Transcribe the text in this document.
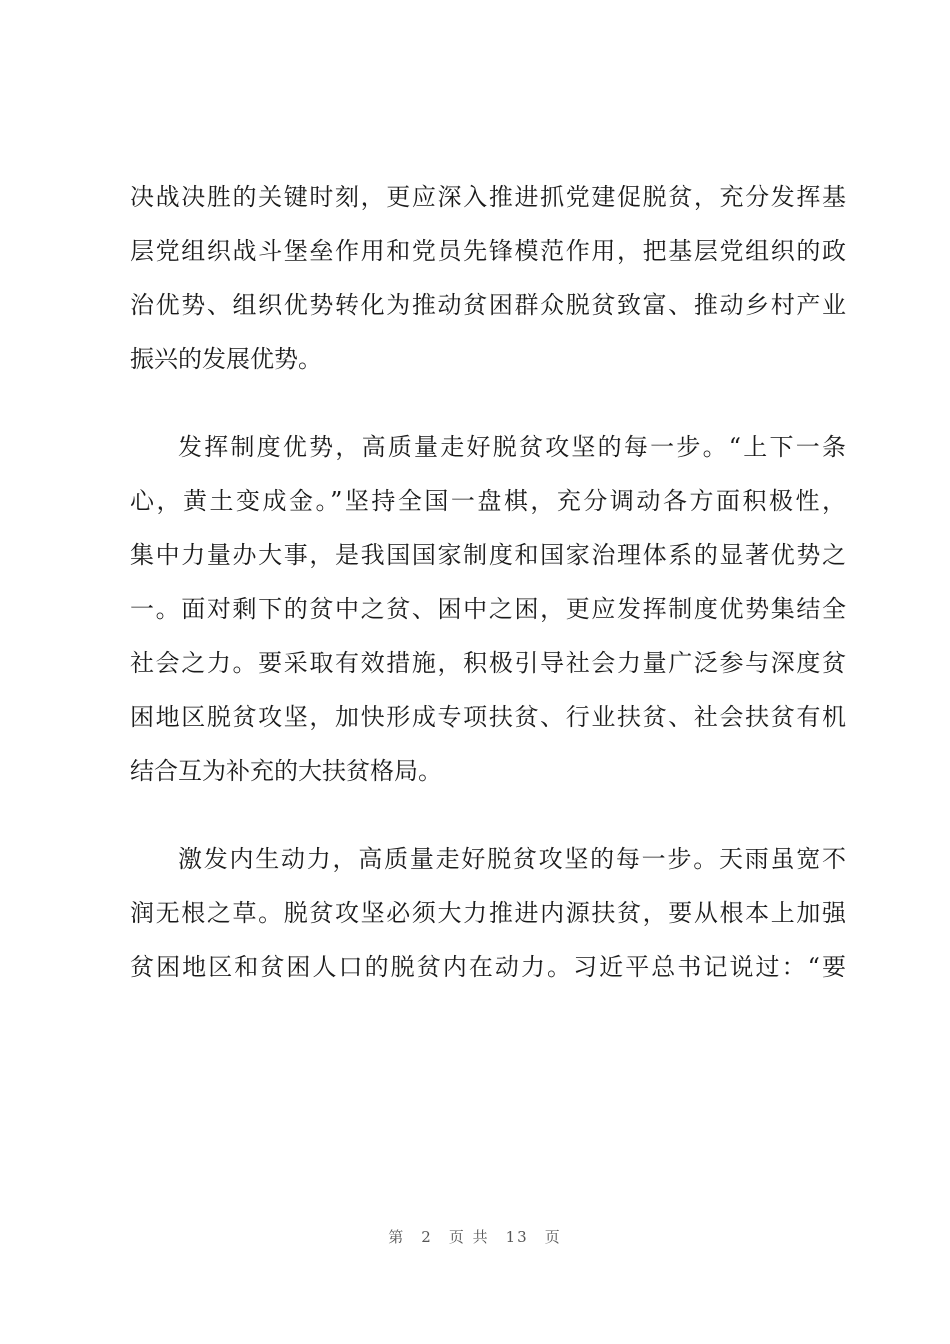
决战决胜的关键时刻，更应深入推进抓党建促脱贫，充分发挥基
层党组织战斗堡垒作用和党员先锋模范作用，把基层党组织的政
治优势、组织优势转化为推动贫困群众脱贫致富、推动乡村产业
振兴的发展优势。
发挥制度优势，高质量走好脱贫攻坚的每一步。“上下一条
心，黄土变成金。”坚持全国一盘棋，充分调动各方面积极性，
集中力量办大事，是我国国家制度和国家治理体系的显著优势之
一。面对剩下的贫中之贫、困中之困，更应发挥制度优势集结全
社会之力。要采取有效措施，积极引导社会力量广泛参与深度贫
困地区脱贫攻坚，加快形成专项扶贫、行业扶贫、社会扶贫有机
结合互为补充的大扶贫格局。
激发内生动力，高质量走好脱贫攻坚的每一步。天雨虽宽不
润无根之草。脱贫攻坚必须大力推进内源扶贫，要从根本上加强
贫困地区和贫困人口的脱贫内在动力。习近平总书记说过：“要
第 2 页 共 13 页
